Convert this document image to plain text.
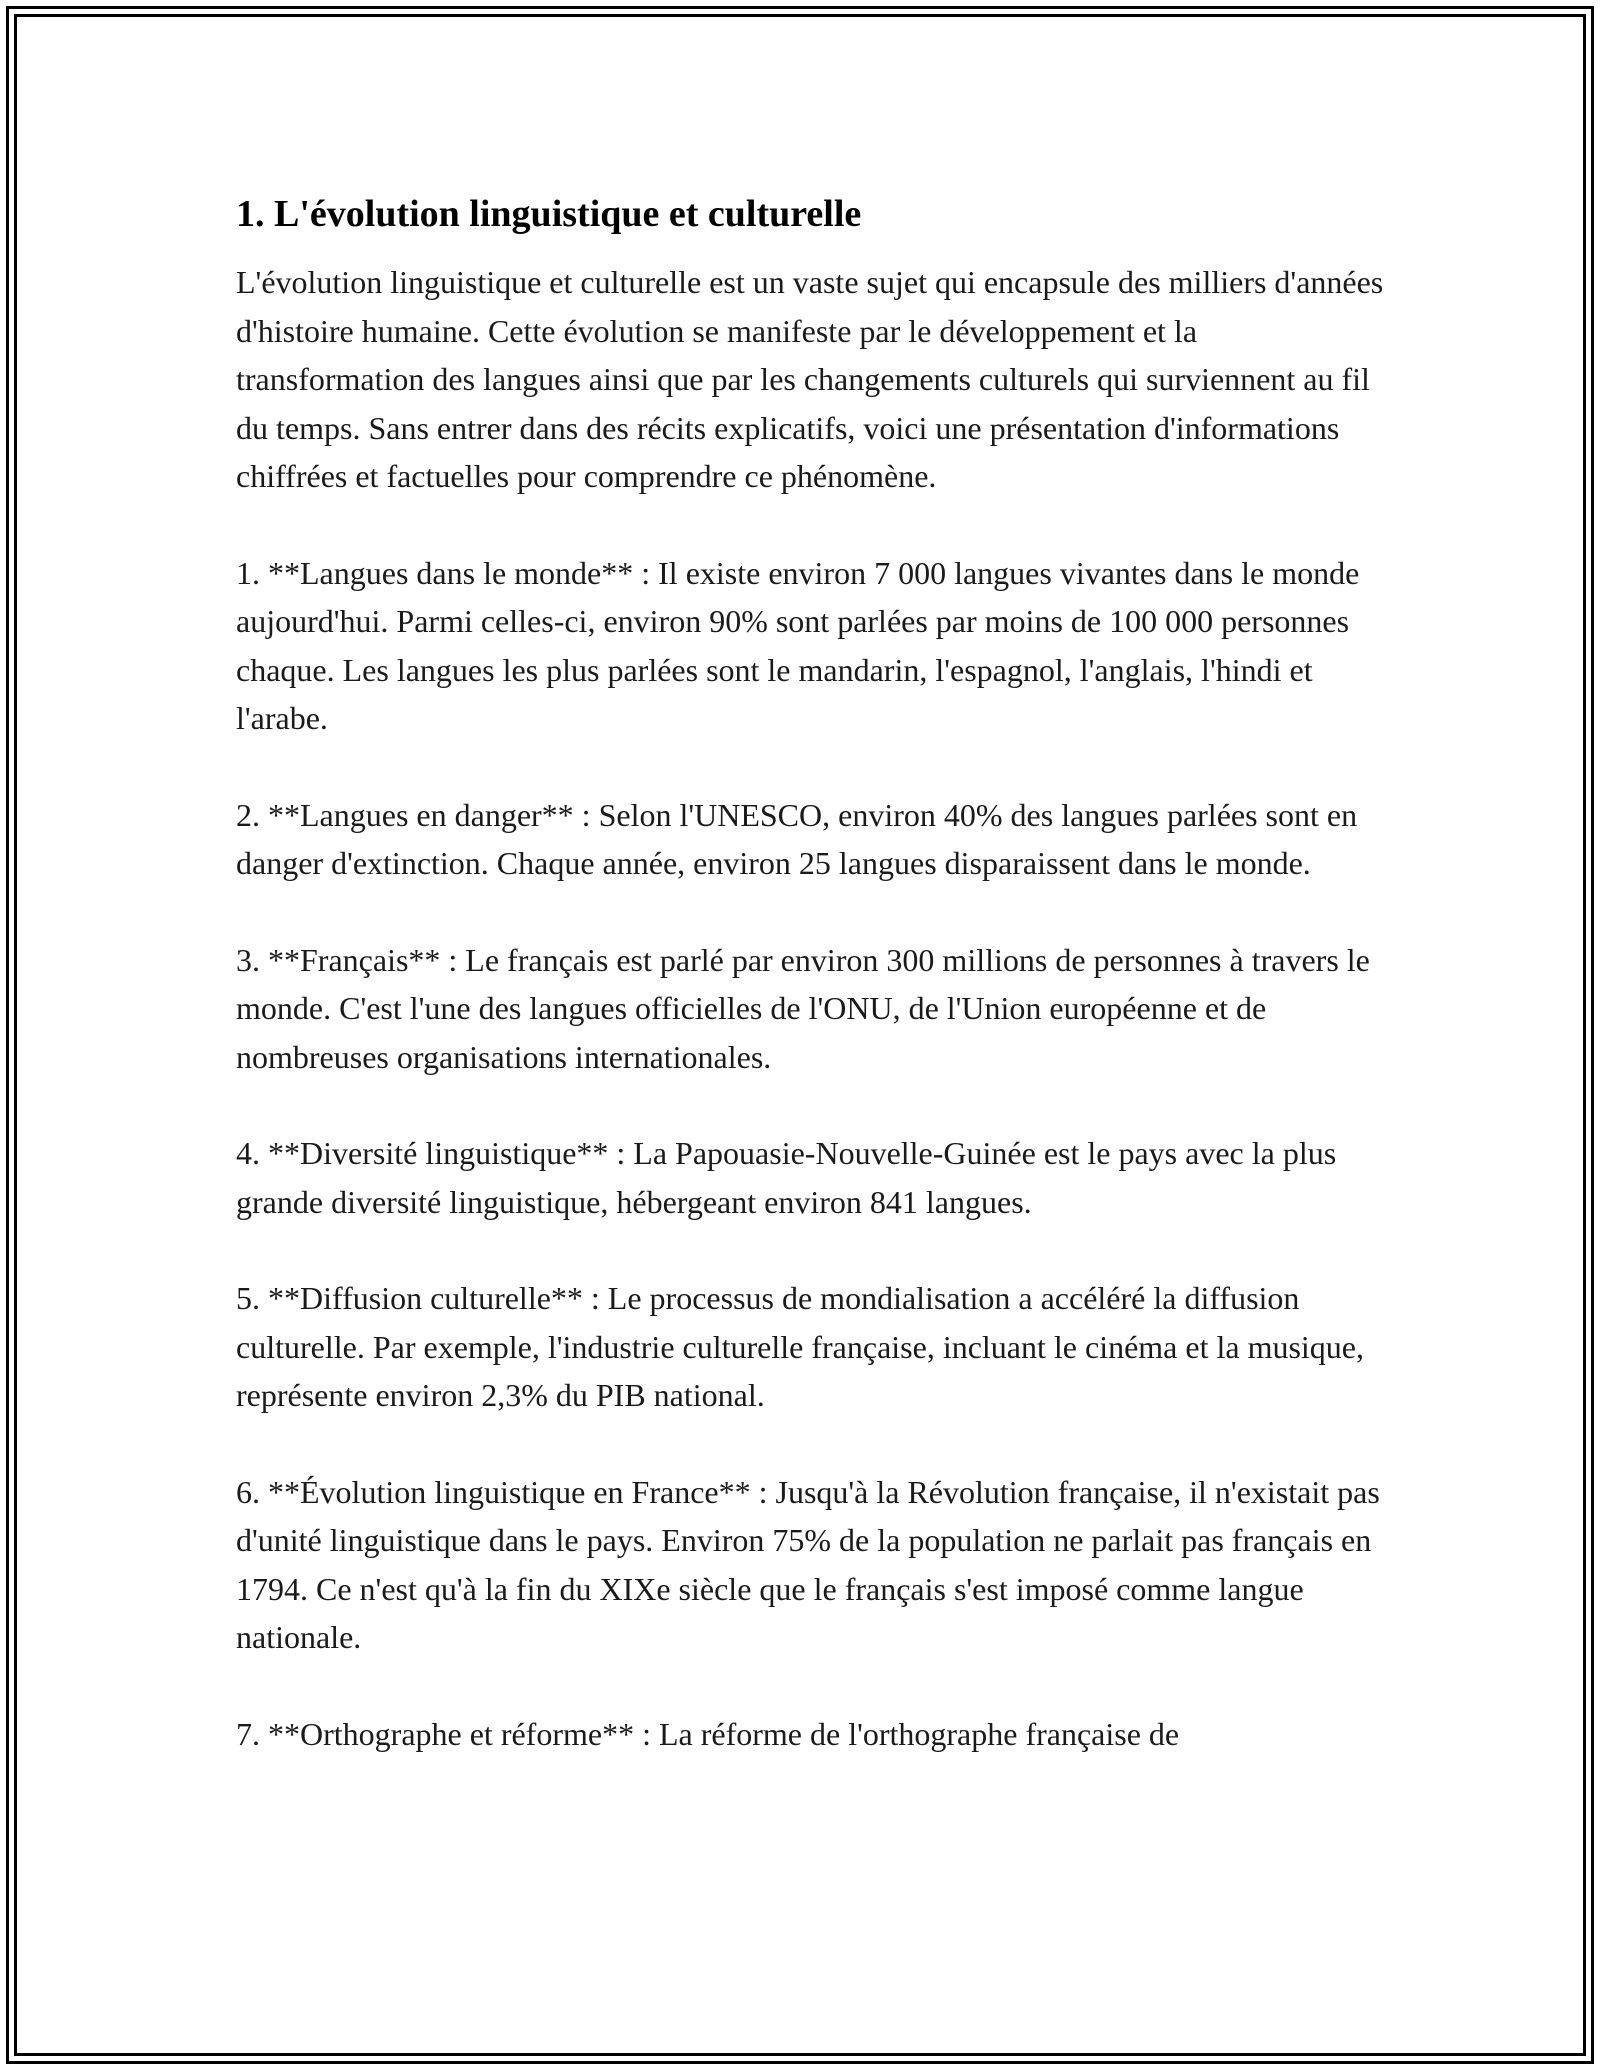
1. L'évolution linguistique et culturelle

L'évolution linguistique et culturelle est un vaste sujet qui encapsule des milliers d'années d'histoire humaine. Cette évolution se manifeste par le développement et la transformation des langues ainsi que par les changements culturels qui surviennent au fil du temps. Sans entrer dans des récits explicatifs, voici une présentation d'informations chiffrées et factuelles pour comprendre ce phénomène.

1. **Langues dans le monde** : Il existe environ 7 000 langues vivantes dans le monde aujourd'hui. Parmi celles-ci, environ 90% sont parlées par moins de 100 000 personnes chaque. Les langues les plus parlées sont le mandarin, l'espagnol, l'anglais, l'hindi et l'arabe.

2. **Langues en danger** : Selon l'UNESCO, environ 40% des langues parlées sont en danger d'extinction. Chaque année, environ 25 langues disparaissent dans le monde.

3. **Français** : Le français est parlé par environ 300 millions de personnes à travers le monde. C'est l'une des langues officielles de l'ONU, de l'Union européenne et de nombreuses organisations internationales.

4. **Diversité linguistique** : La Papouasie-Nouvelle-Guinée est le pays avec la plus grande diversité linguistique, hébergeant environ 841 langues.

5. **Diffusion culturelle** : Le processus de mondialisation a accéléré la diffusion culturelle. Par exemple, l'industrie culturelle française, incluant le cinéma et la musique, représente environ 2,3% du PIB national.

6. **Évolution linguistique en France** : Jusqu'à la Révolution française, il n'existait pas d'unité linguistique dans le pays. Environ 75% de la population ne parlait pas français en 1794. Ce n'est qu'à la fin du XIXe siècle que le français s'est imposé comme langue nationale.

7. **Orthographe et réforme** : La réforme de l'orthographe française de
